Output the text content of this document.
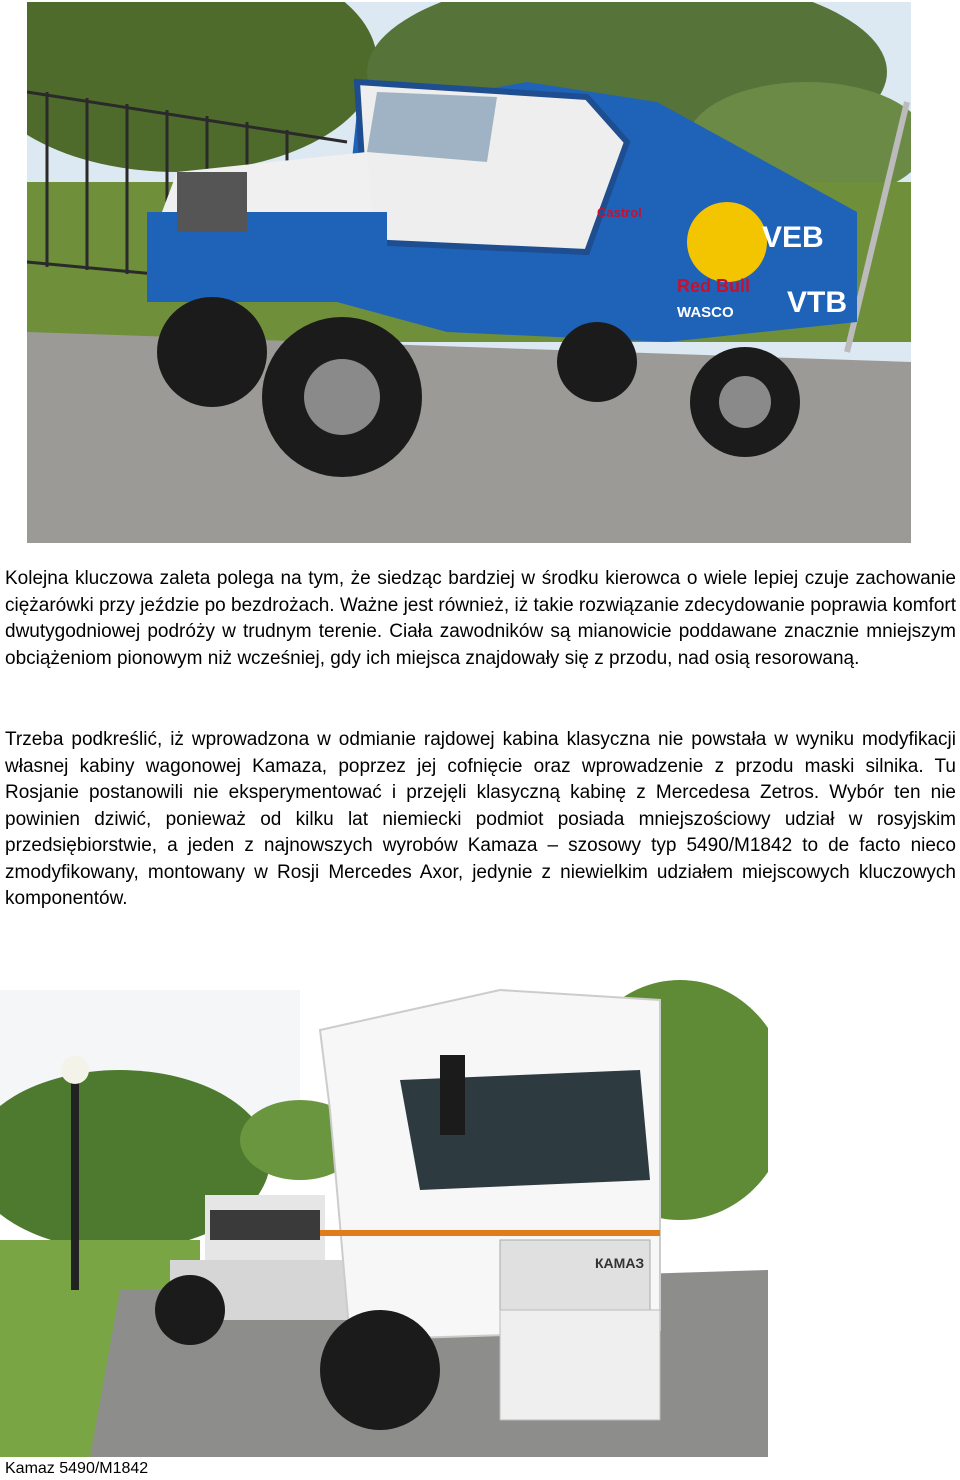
VEB
VTB
Red Bull
WASCO
Castrol

Kolejna kluczowa zaleta polega na tym, że siedząc bardziej w środku kierowca o wiele lepiej czuje zachowanie ciężarówki przy jeździe po bezdrożach. Ważne jest również, iż takie rozwiązanie zdecydowanie poprawia komfort dwutygodniowej podróży w trudnym terenie. Ciała zawodników są mianowicie poddawane znacznie mniejszym obciążeniom pionowym niż wcześniej, gdy ich miejsca znajdowały się z przodu, nad osią resorowaną.

Trzeba podkreślić, iż wprowadzona w odmianie rajdowej kabina klasyczna nie powstała w wyniku modyfikacji własnej kabiny wagonowej Kamaza, poprzez jej cofnięcie oraz wprowadzenie z przodu maski silnika. Tu Rosjanie postanowili nie eksperymentować i przejęli klasyczną kabinę z Mercedesa Zetros. Wybór ten nie powinien dziwić, ponieważ od kilku lat niemiecki podmiot posiada mniejszościowy udział w rosyjskim przedsiębiorstwie, a jeden z najnowszych wyrobów Kamaza – szosowy typ 5490/M1842 to de facto nieco zmodyfikowany, montowany w Rosji Mercedes Axor, jedynie z niewielkim udziałem miejscowych kluczowych komponentów.

КАМАЗ

Kamaz 5490/M1842
